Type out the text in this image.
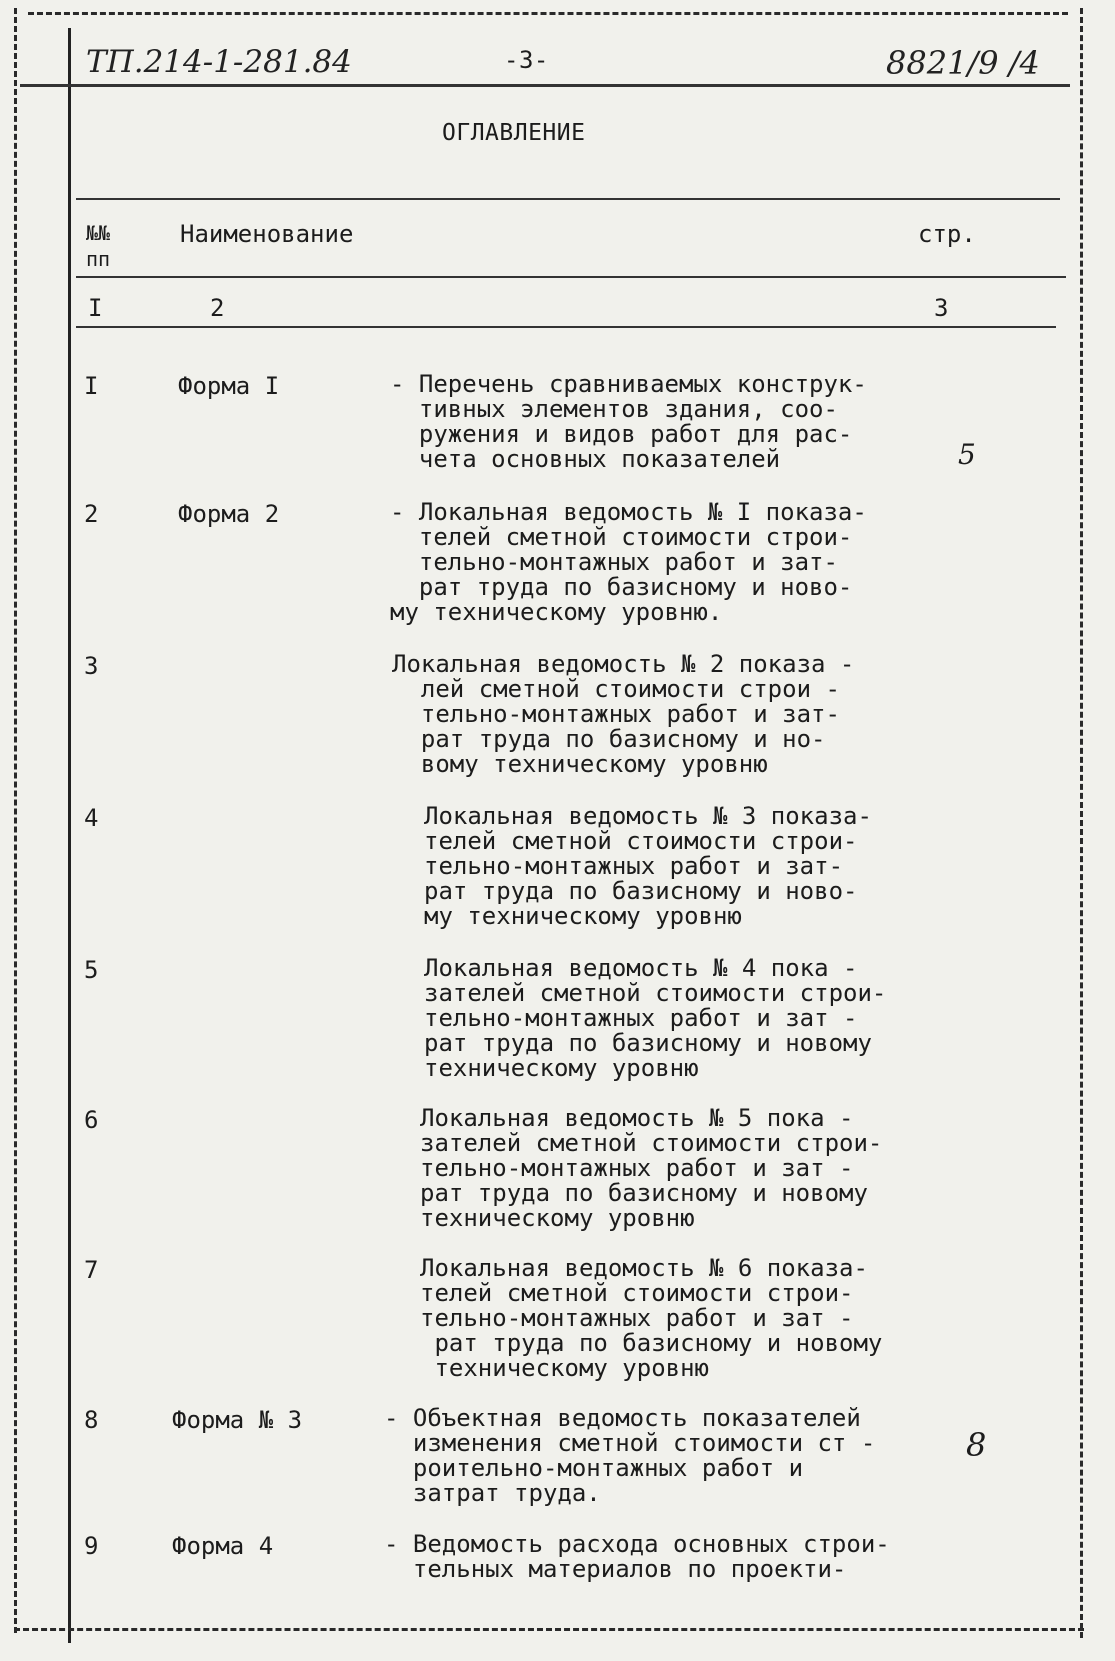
ТП.214-1-281.84	-3-	8821/9 /4
ОГЛАВЛЕНИЕ
№№
пп
Наименование	стр.
I	2	3
I	Форма I	- Перечень сравниваемых конструк-
тивных элементов здания, соо-
ружения и видов работ для рас-
чета основных показателей	5
2	Форма 2	- Локальная ведомость № I показа-
телей сметной стоимости строи-
тельно-монтажных работ и зат-
рат труда по базисному и ново-
му техническому уровню.
3	Локальная ведомость № 2 показа -
лей сметной стоимости строи -
тельно-монтажных работ и зат-
рат труда по базисному и но-
вому техническому уровню
4	Локальная ведомость № 3 показа-
телей сметной стоимости строи-
тельно-монтажных работ и зат-
рат труда по базисному и ново-
му техническому уровню
5	Локальная ведомость № 4 пока -
зателей сметной стоимости строи-
тельно-монтажных работ и зат -
рат труда по базисному и новому
техническому уровню
6	Локальная ведомость № 5 пока -
зателей сметной стоимости строи-
тельно-монтажных работ и зат -
рат труда по базисному и новому
техническому уровню
7	Локальная ведомость № 6 показа-
телей сметной стоимости строи-
тельно-монтажных работ и зат -
рат труда по базисному и новому
техническому уровню
8	Форма № 3	- Объектная ведомость показателей
изменения сметной стоимости ст -
роительно-монтажных работ и
затрат труда.
8
9	Форма 4	- Ведомость расхода основных строи-
тельных материалов по проекти-
